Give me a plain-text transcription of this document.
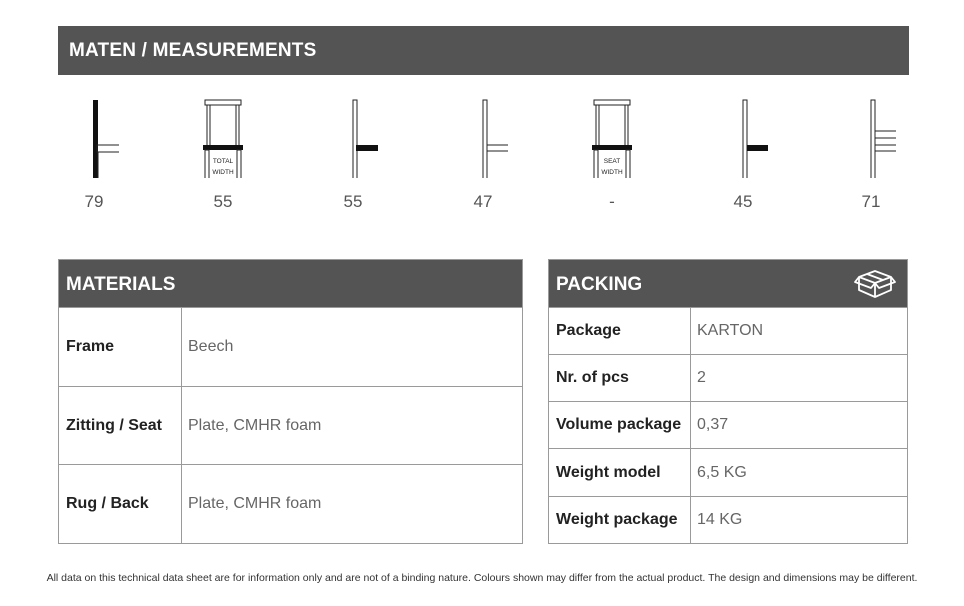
MATEN / MEASUREMENTS
79
TOTAL
WIDTH
55	55	47
SEAT
WIDTH
-	45	71
MATERIALS
Frame	Beech
Zitting / Seat	Plate, CMHR foam
Rug / Back	Plate, CMHR foam
PACKING
Package	KARTON
Nr. of pcs	2
Volume package 0,37
Weight model	6,5 KG
Weight package	14 KG
All data on this technical data sheet are for information only and are not of a binding nature. Colours shown may differ from the actual product. The design and dimensions may be different.
